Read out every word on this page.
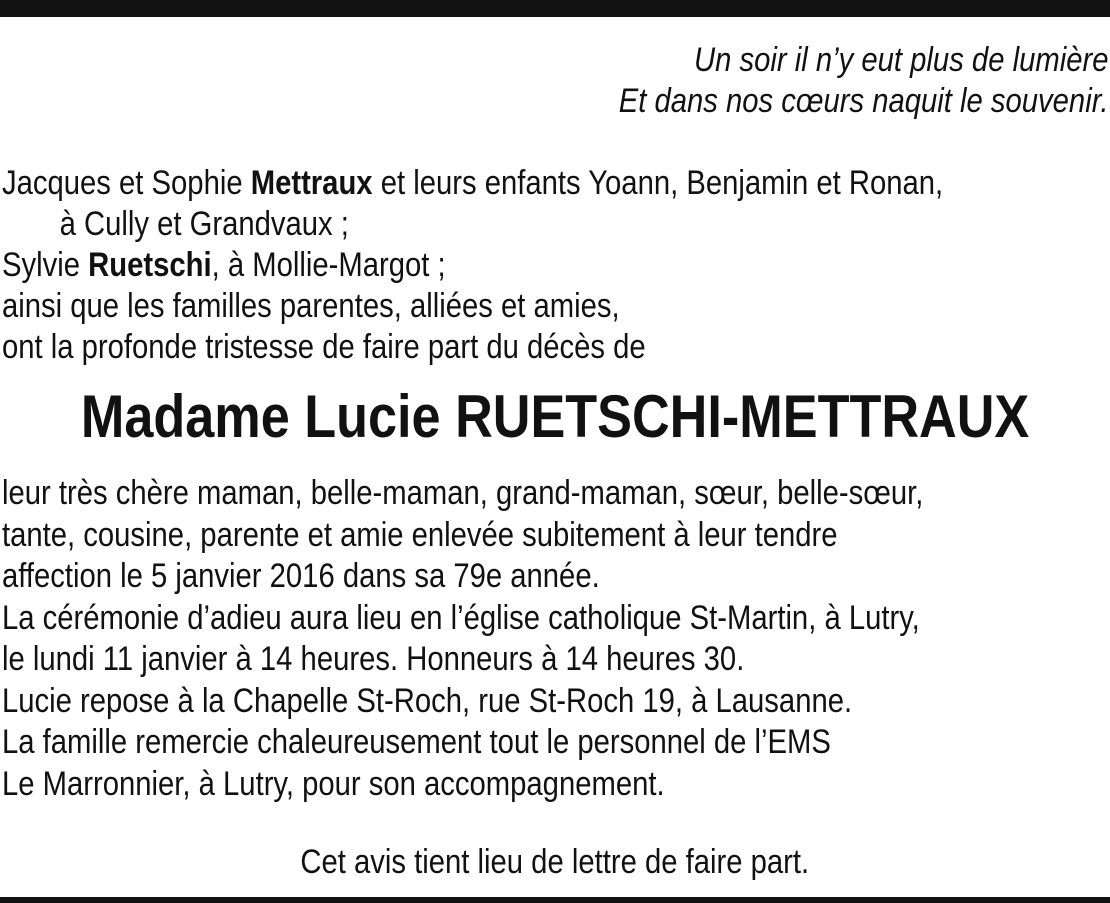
Un soir il n’y eut plus de lumière
Et dans nos cœurs naquit le souvenir.
Jacques et Sophie Mettraux et leurs enfants Yoann, Benjamin et Ronan,
à Cully et Grandvaux ;
Sylvie Ruetschi, à Mollie-Margot ;
ainsi que les familles parentes, alliées et amies,
ont la profonde tristesse de faire part du décès de
Madame Lucie RUETSCHI-METTRAUX
leur très chère maman, belle-maman, grand-maman, sœur, belle-sœur,
tante, cousine, parente et amie enlevée subitement à leur tendre
affection le 5 janvier 2016 dans sa 79e année.
La cérémonie d’adieu aura lieu en l’église catholique St-Martin, à Lutry,
le lundi 11 janvier à 14 heures. Honneurs à 14 heures 30.
Lucie repose à la Chapelle St-Roch, rue St-Roch 19, à Lausanne.
La famille remercie chaleureusement tout le personnel de l’EMS
Le Marronnier, à Lutry, pour son accompagnement.
Cet avis tient lieu de lettre de faire part.
